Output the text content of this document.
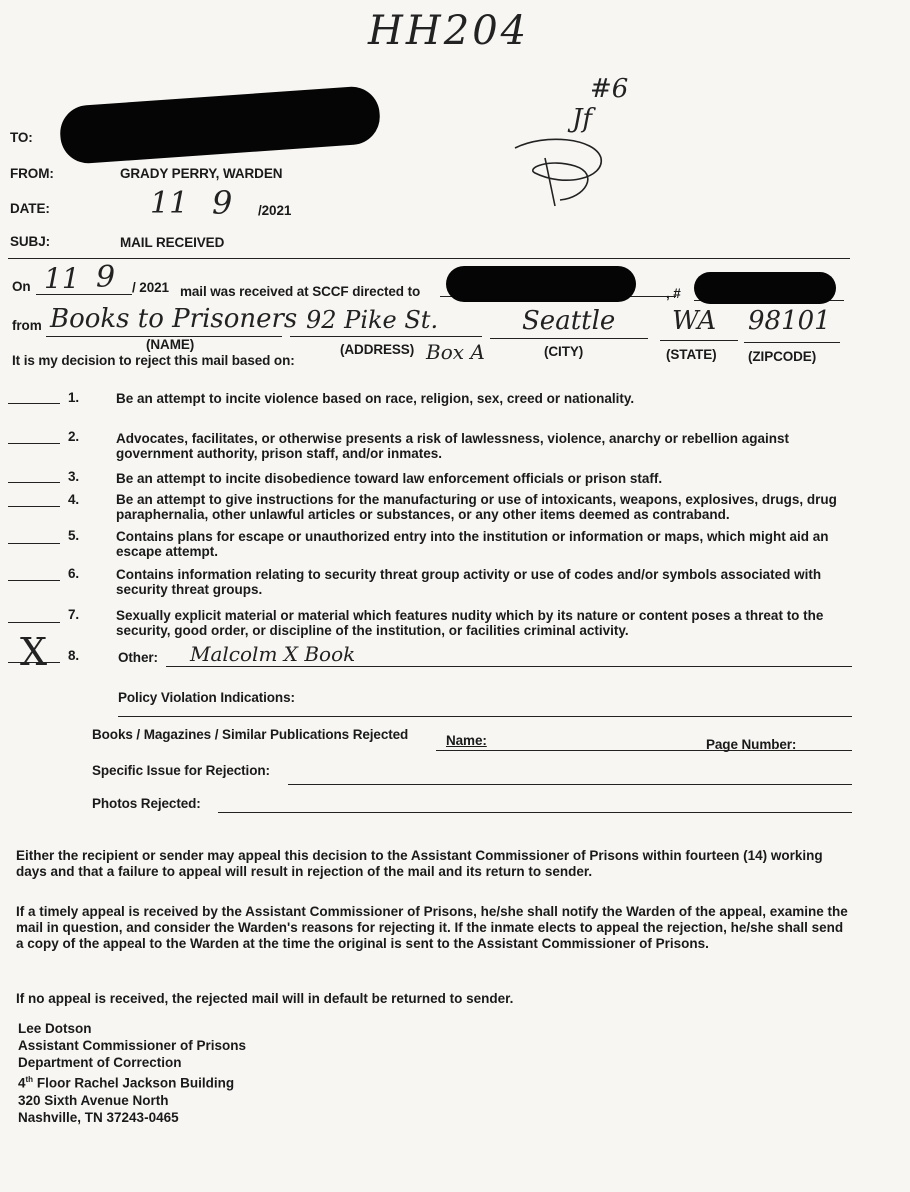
HH204
#6
Jf
TO:
FROM:	GRADY PERRY, WARDEN
DATE:	11 9 /2021
SUBJ:	MAIL RECEIVED
On 11 9 / 2021 mail was received at SCCF directed to	, #
from Books to Prisoners 92 Pike St.
Box A
Seattle WA 98101
(NAME)	(ADDRESS)	(CITY)	(STATE) (ZIPCODE)
It is my decision to reject this mail based on:
1.	Be an attempt to incite violence based on race, religion, sex, creed or nationality.
2.	Advocates, facilitates, or otherwise presents a risk of lawlessness, violence, anarchy or rebellion against government authority, prison staff, and/or inmates.
3.	Be an attempt to incite disobedience toward law enforcement officials or prison staff.
4.	Be an attempt to give instructions for the manufacturing or use of intoxicants, weapons, explosives, drugs, drug paraphernalia, other unlawful articles or substances, or any other items deemed as contraband.
5.	Contains plans for escape or unauthorized entry into the institution or information or maps, which might aid an escape attempt.
6.	Contains information relating to security threat group activity or use of codes and/or symbols associated with security threat groups.
7.	Sexually explicit material or material which features nudity which by its nature or content poses a threat to the security, good order, or discipline of the institution, or facilities criminal activity.
X 8.	Other: Malcolm X Book
Policy Violation Indications:
Books / Magazines / Similar Publications Rejected	Name:	Page Number:
Specific Issue for Rejection:
Photos Rejected:
Either the recipient or sender may appeal this decision to the Assistant Commissioner of Prisons within fourteen (14) working days and that a failure to appeal will result in rejection of the mail and its return to sender.
If a timely appeal is received by the Assistant Commissioner of Prisons, he/she shall notify the Warden of the appeal, examine the mail in question, and consider the Warden's reasons for rejecting it. If the inmate elects to appeal the rejection, he/she shall send a copy of the appeal to the Warden at the time the original is sent to the Assistant Commissioner of Prisons.
If no appeal is received, the rejected mail will in default be returned to sender.
Lee Dotson
Assistant Commissioner of Prisons
Department of Correction
4th Floor Rachel Jackson Building
320 Sixth Avenue North
Nashville, TN 37243-0465
